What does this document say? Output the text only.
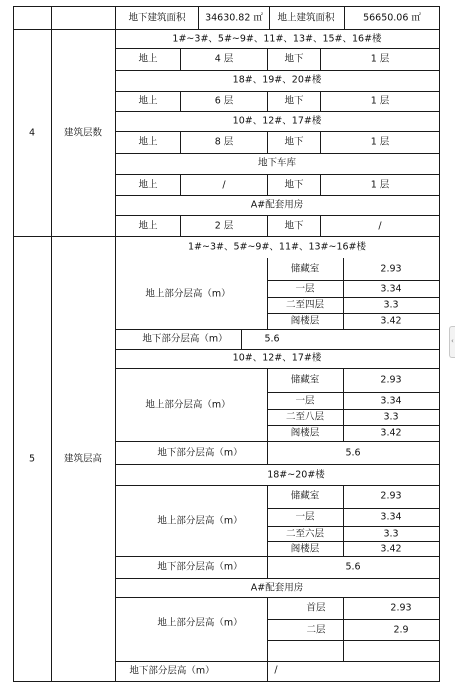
地下建筑面积 34630.82 ㎡ 地上建筑面积	56650.06 ㎡
4	建筑层数
1#~3#、5#~9#、11#、13#、15#、16#楼
地上	4 层	地下	1 层
18#、19#、20#楼
地上	6 层	地下	1 层
10#、12#、17#楼
地上	8 层	地下	1 层
地下车库
地上	/	地下	1 层
A#配套用房
地上	2 层	地下	/
5	建筑层高
1#~3#、5#~9#、11#、13#~16#楼
地上部分层高（m）
储藏室	2.93
一层	3.34
二至四层	3.3
阁楼层	3.42
地下部分层高（m）	5.6
10#、12#、17#楼
地上部分层高（m）
储藏室	2.93
一层	3.34
二至八层	3.3
阁楼层	3.42
地下部分层高（m）	5.6
18#~20#楼
地上部分层高（m）
储藏室	2.93
一层	3.34
二至六层	3.3
阁楼层	3.42
地下部分层高（m）	5.6
A#配套用房
地上部分层高（m）
首层	2.93
二层	2.9
地下部分层高（m）	/
‹
